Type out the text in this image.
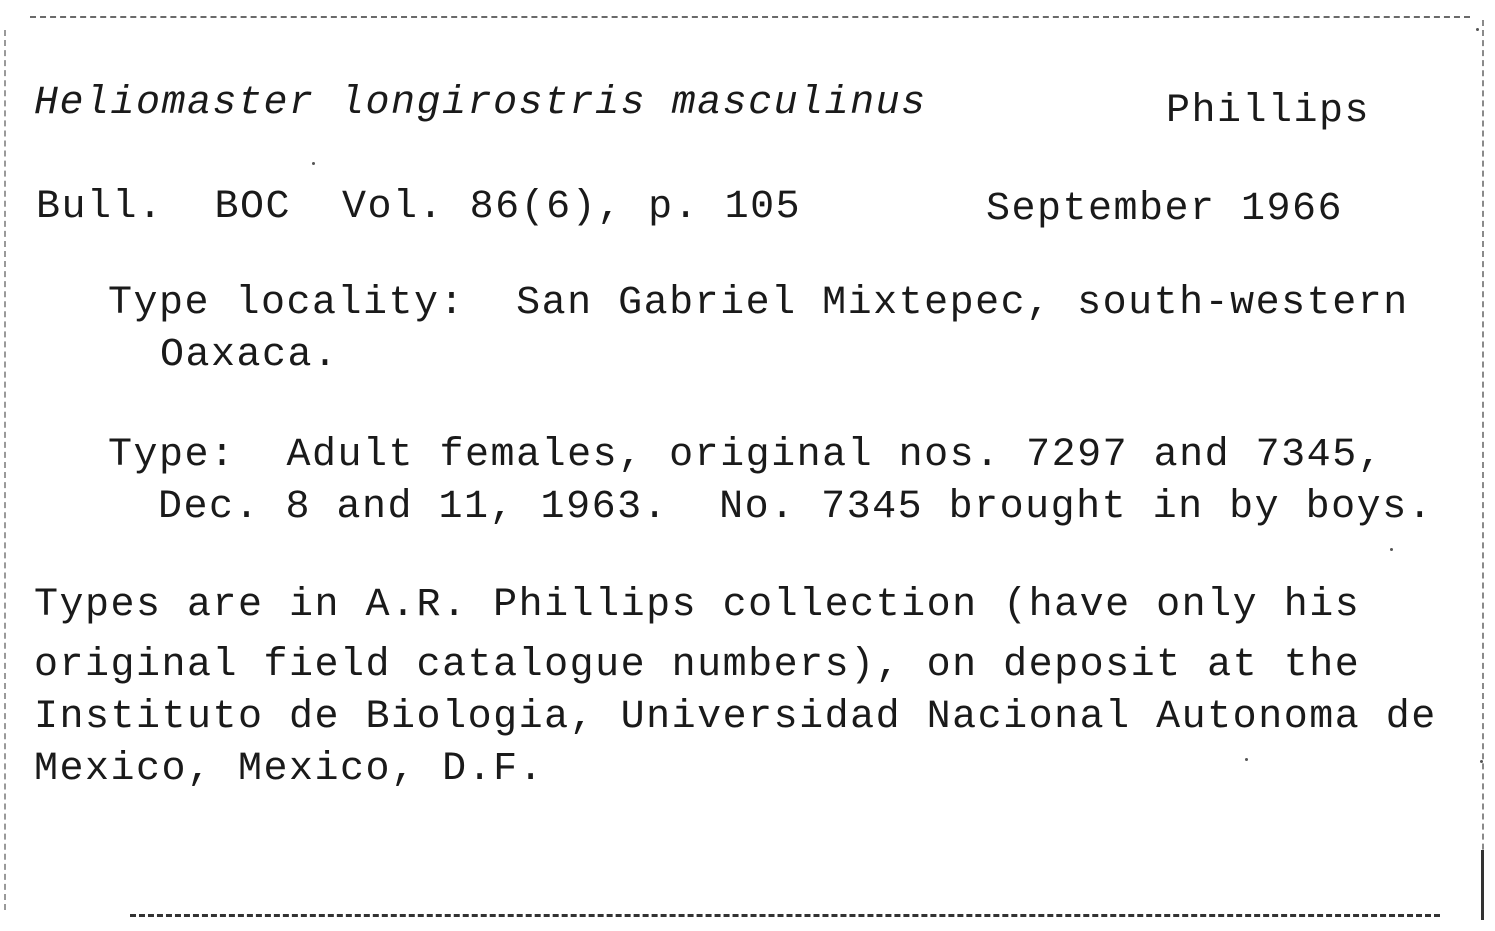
Heliomaster longirostris masculinus	Phillips
Bull.  BOC  Vol. 86(6), p. 105	September 1966
Type locality:  San Gabriel Mixtepec, south-western
Oaxaca.
Type:  Adult females, original nos. 7297 and 7345,
Dec. 8 and 11, 1963.  No. 7345 brought in by boys.
Types are in A.R. Phillips collection (have only his
original field catalogue numbers), on deposit at the
Instituto de Biologia, Universidad Nacional Autonoma de
Mexico, Mexico, D.F.
